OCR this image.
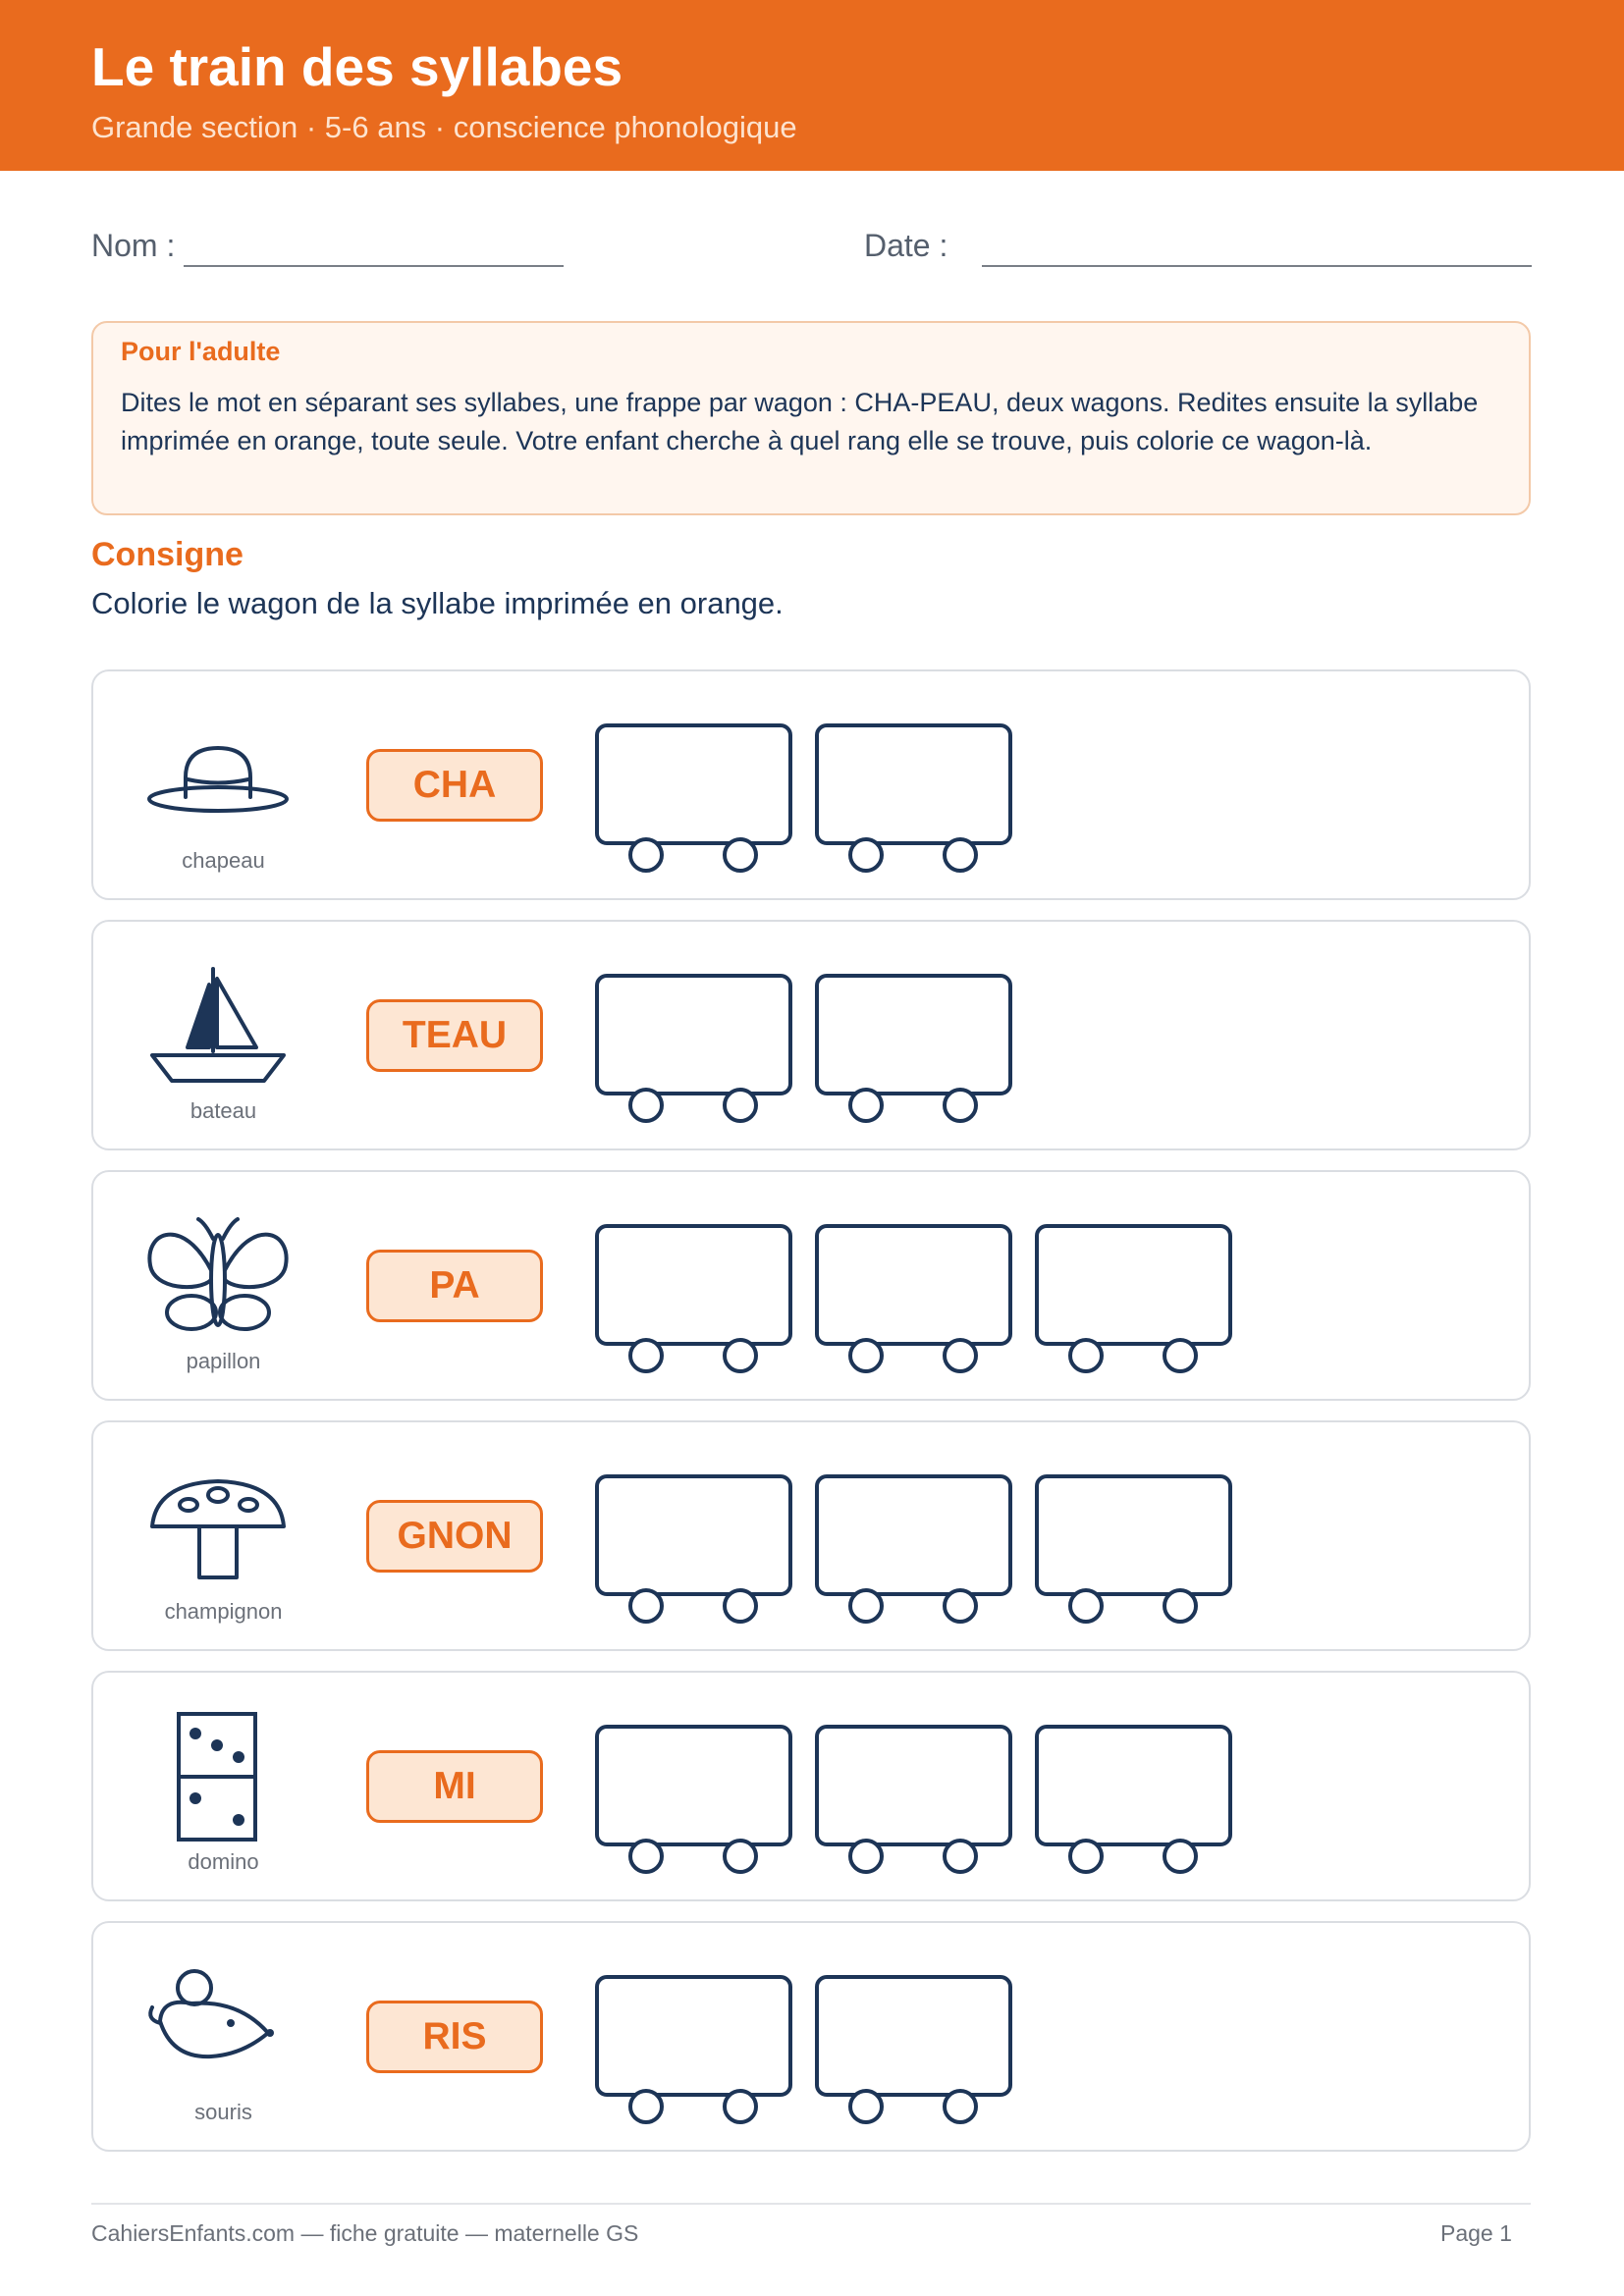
Le train des syllabes
Grande section · 5-6 ans · conscience phonologique
Nom :	Date :
Pour l'adulte
Dites le mot en séparant ses syllabes, une frappe par wagon : CHA-PEAU, deux wagons. Redites ensuite la syllabe imprimée en orange, toute seule. Votre enfant cherche à quel rang elle se trouve, puis colorie ce wagon-là.
Consigne
Colorie le wagon de la syllabe imprimée en orange.
chapeau
CHA
bateau
TEAU
papillon
PA
champignon
GNON
domino
MI
souris
RIS
CahiersEnfants.com — fiche gratuite — maternelle GS	Page 1
